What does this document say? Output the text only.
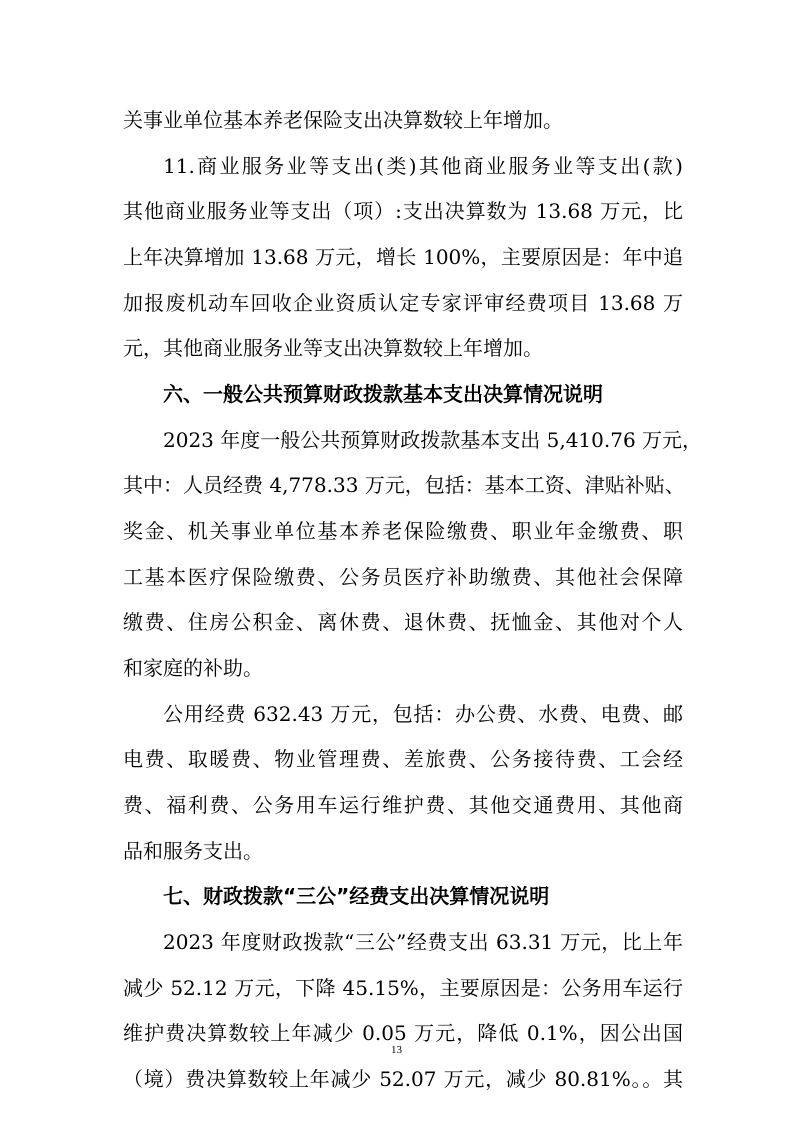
关事业单位基本养老保险支出决算数较上年增加。
11.商业服务业等支出(类)其他商业服务业等支出(款)
其他商业服务业等支出（项）:支出决算数为 13.68 万元，比
上年决算增加 13.68 万元，增长 100%，主要原因是：年中追
加报废机动车回收企业资质认定专家评审经费项目 13.68 万
元，其他商业服务业等支出决算数较上年增加。
六、一般公共预算财政拨款基本支出决算情况说明
2023 年度一般公共预算财政拨款基本支出 5,410.76 万元，
其中：人员经费 4,778.33 万元，包括：基本工资、津贴补贴、
奖金、机关事业单位基本养老保险缴费、职业年金缴费、职
工基本医疗保险缴费、公务员医疗补助缴费、其他社会保障
缴费、住房公积金、离休费、退休费、抚恤金、其他对个人
和家庭的补助。
公用经费 632.43 万元，包括：办公费、水费、电费、邮
电费、取暖费、物业管理费、差旅费、公务接待费、工会经
费、福利费、公务用车运行维护费、其他交通费用、其他商
品和服务支出。
七、财政拨款“三公”经费支出决算情况说明
2023 年度财政拨款“三公”经费支出 63.31 万元，比上年
减少 52.12 万元，下降 45.15%，主要原因是：公务用车运行
维护费决算数较上年减少 0.05 万元，降低 0.1%，因公出国
（境）费决算数较上年减少 52.07 万元，减少 80.81%。。其
13
